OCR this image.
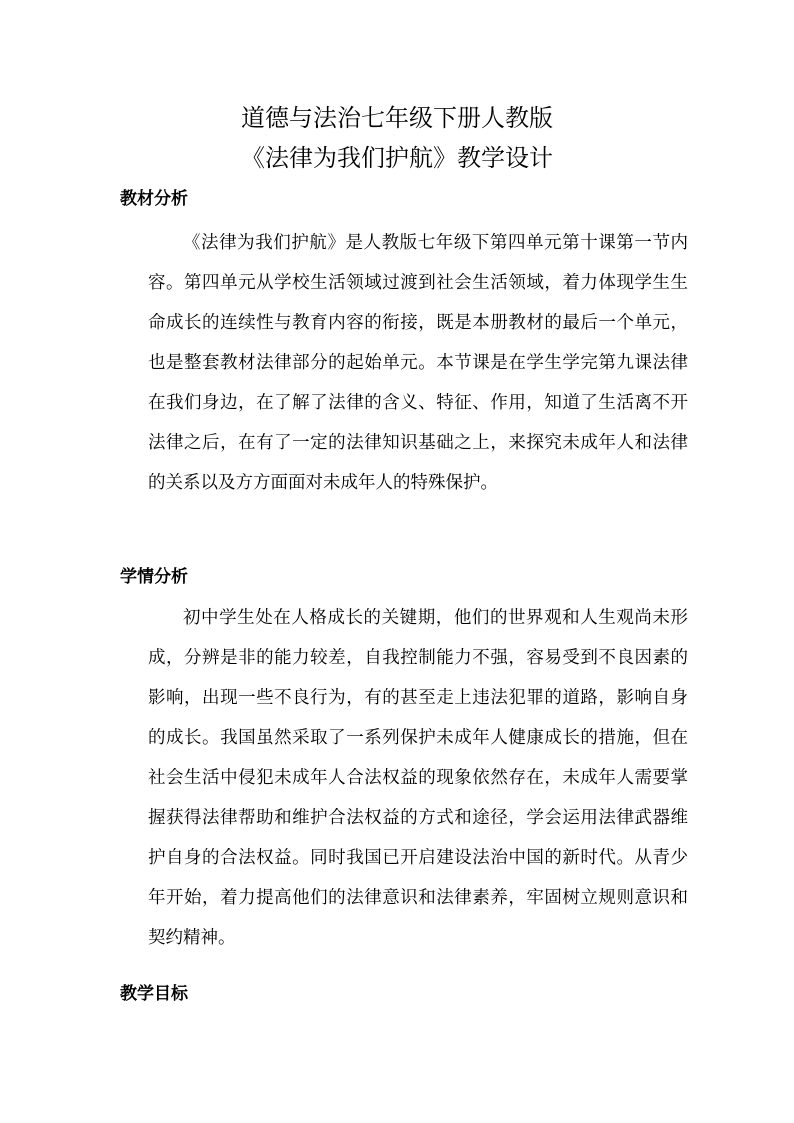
道德与法治七年级下册人教版
《法律为我们护航》教学设计
教材分析

《法律为我们护航》是人教版七年级下第四单元第十课第一节内容。第四单元从学校生活领域过渡到社会生活领域，着力体现学生生命成长的连续性与教育内容的衔接，既是本册教材的最后一个单元，也是整套教材法律部分的起始单元。本节课是在学生学完第九课法律在我们身边，在了解了法律的含义、特征、作用，知道了生活离不开法律之后，在有了一定的法律知识基础之上，来探究未成年人和法律的关系以及方方面面对未成年人的特殊保护。

学情分析

初中学生处在人格成长的关键期，他们的世界观和人生观尚未形成，分辨是非的能力较差，自我控制能力不强，容易受到不良因素的影响，出现一些不良行为，有的甚至走上违法犯罪的道路，影响自身的成长。我国虽然采取了一系列保护未成年人健康成长的措施，但在社会生活中侵犯未成年人合法权益的现象依然存在，未成年人需要掌握获得法律帮助和维护合法权益的方式和途径，学会运用法律武器维护自身的合法权益。同时我国已开启建设法治中国的新时代。从青少年开始，着力提高他们的法律意识和法律素养，牢固树立规则意识和契约精神。

教学目标
